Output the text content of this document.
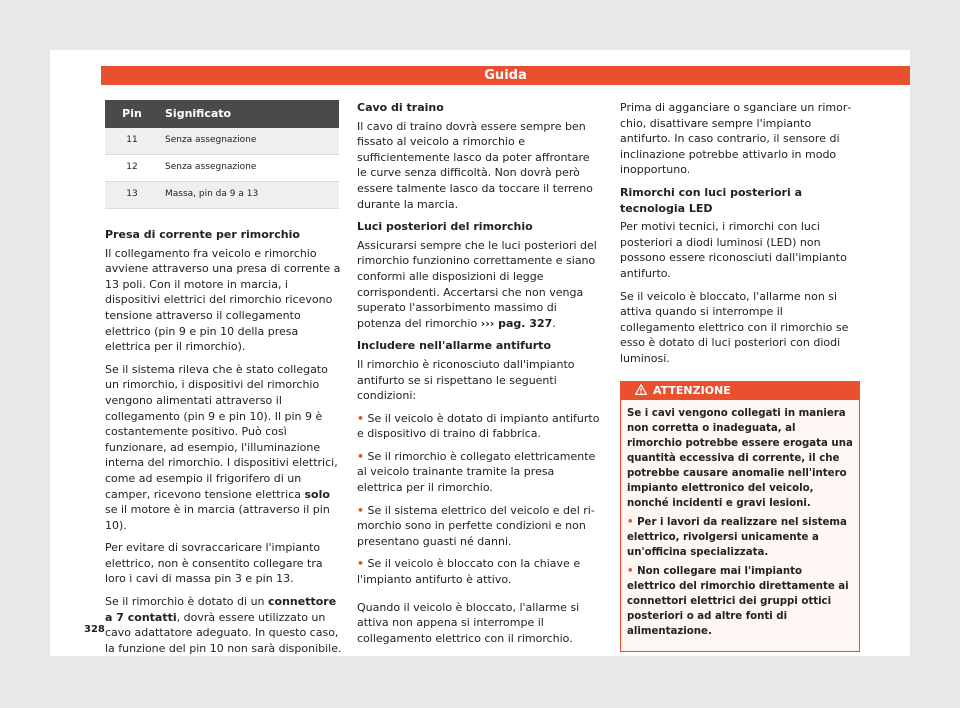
Guida
Pin	Significato
11	Senza assegnazione
12	Senza assegnazione
13	Massa, pin da 9 a 13
Presa di corrente per rimorchio

Il collegamento fra veicolo e rimorchio avviene attraverso una presa di corrente a 13 poli. Con il motore in marcia, i dispositivi elettrici del rimorchio ricevono tensione attraverso il collegamento elettrico (pin 9 e pin 10 della presa elettrica per il rimorchio).

Se il sistema rileva che è stato collegato un rimorchio, i dispositivi del rimorchio vengono alimentati attraverso il collegamento (pin 9 e pin 10). Il pin 9 è costantemente positivo. Può così funzionare, ad esempio, l'illuminazione interna del rimorchio. I dispositivi elettrici, come ad esempio il frigorifero di un camper, ricevono tensione elettrica solo se il motore è in marcia (attraverso il pin 10).

Per evitare di sovraccaricare l'impianto elettrico, non è consentito collegare tra loro i cavi di massa pin 3 e pin 13.

Se il rimorchio è dotato di un connettore a 7 contatti, dovrà essere utilizzato un cavo adattatore adeguato. In questo caso, la funzione del pin 10 non sarà disponibile.

Cavo di traino

Il cavo di traino dovrà essere sempre ben fissato al veicolo a rimorchio e sufficientemente lasco da poter affrontare le curve senza difficoltà. Non dovrà però essere talmente lasco da toccare il terreno durante la marcia.

Luci posteriori del rimorchio

Assicurarsi sempre che le luci posteriori del rimorchio funzionino correttamente e siano conformi alle disposizioni di legge corrispondenti. Accertarsi che non venga superato l'assorbimento massimo di potenza del rimorchio ››› pag. 327.

Includere nell'allarme antifurto

Il rimorchio è riconosciuto dall'impianto antifurto se si rispettano le seguenti condizioni:

• Se il veicolo è dotato di impianto antifurto e dispositivo di traino di fabbrica.

• Se il rimorchio è collegato elettricamente al veicolo trainante tramite la presa elettrica per il rimorchio.

• Se il sistema elettrico del veicolo e del rimorchio sono in perfette condizioni e non presentano guasti né danni.

• Se il veicolo è bloccato con la chiave e l'impianto antifurto è attivo.

Quando il veicolo è bloccato, l'allarme si attiva non appena si interrompe il collegamento elettrico con il rimorchio.

Prima di agganciare o sganciare un rimorchio, disattivare sempre l'impianto antifurto. In caso contrario, il sensore di inclinazione potrebbe attivarlo in modo inopportuno.

Rimorchi con luci posteriori a tecnologia LED

Per motivi tecnici, i rimorchi con luci posteriori a diodi luminosi (LED) non possono essere riconosciuti dall'impianto antifurto.

Se il veicolo è bloccato, l'allarme non si attiva quando si interrompe il collegamento elettrico con il rimorchio se esso è dotato di luci posteriori con diodi luminosi.

ATTENZIONE

Se i cavi vengono collegati in maniera non corretta o inadeguata, al rimorchio potrebbe essere erogata una quantità eccessiva di corrente, il che potrebbe causare anomalie nell'intero impianto elettronico del veicolo, nonché incidenti e gravi lesioni.

• Per i lavori da realizzare nel sistema elettrico, rivolgersi unicamente a un'officina specializzata.

• Non collegare mai l'impianto elettrico del rimorchio direttamente ai connettori elettrici dei gruppi ottici posteriori o ad altre fonti di alimentazione.

328
